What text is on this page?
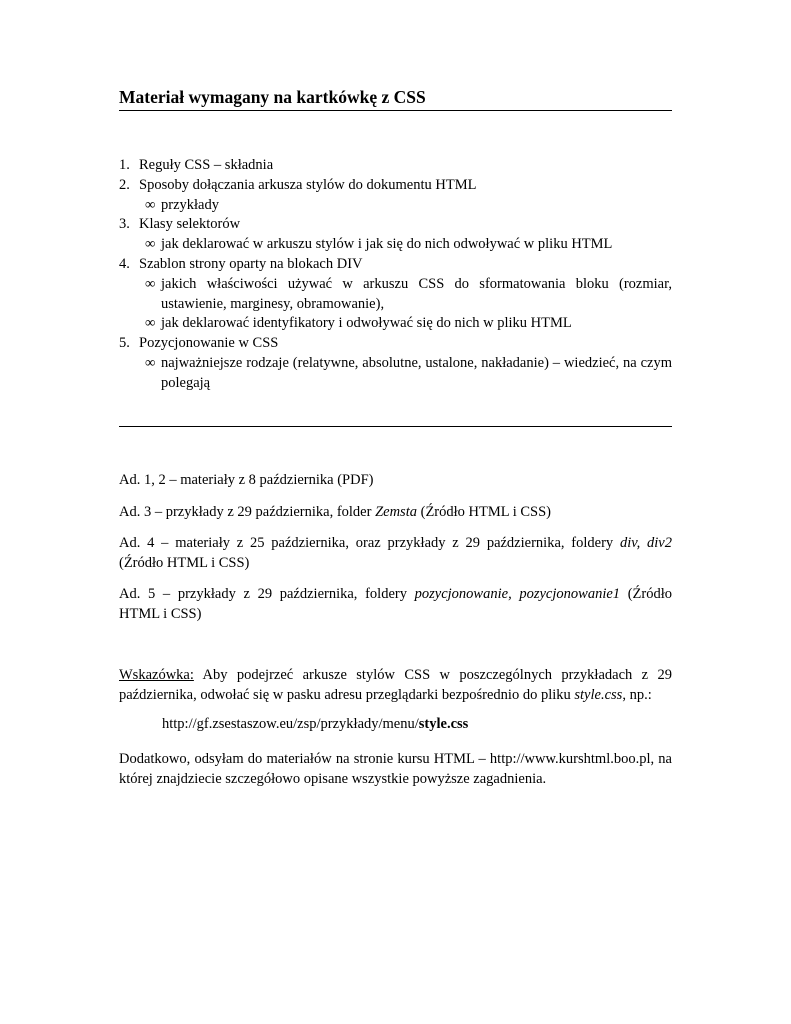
Materiał wymagany na kartkówkę z CSS
1. Reguły CSS – składnia
2. Sposoby dołączania arkusza stylów do dokumentu HTML
∞ przykłady
3. Klasy selektorów
∞ jak deklarować w arkuszu stylów i jak się do nich odwoływać w pliku HTML
4. Szablon strony oparty na blokach DIV
∞ jakich właściwości używać w arkuszu CSS do sformatowania bloku (rozmiar, ustawienie, marginesy, obramowanie),
∞ jak deklarować identyfikatory i odwoływać się do nich w pliku HTML
5. Pozycjonowanie w CSS
∞ najważniejsze rodzaje (relatywne, absolutne, ustalone, nakładanie) – wiedzieć, na czym polegają
Ad. 1, 2 – materiały z 8 października (PDF)
Ad. 3 – przykłady z 29 października, folder Zemsta (Źródło HTML i CSS)
Ad. 4 – materiały z 25 października, oraz przykłady z 29 października, foldery div, div2 (Źródło HTML i CSS)
Ad. 5 – przykłady z 29 października, foldery pozycjonowanie, pozycjonowanie1 (Źródło HTML i CSS)
Wskazówka: Aby podejrzeć arkusze stylów CSS w poszczególnych przykładach z 29 października, odwołać się w pasku adresu przeglądarki bezpośrednio do pliku style.css, np.:
http://gf.zsestaszow.eu/zsp/przykłady/menu/style.css
Dodatkowo, odsyłam do materiałów na stronie kursu HTML – http://www.kurshtml.boo.pl, na której znajdziecie szczegółowo opisane wszystkie powyższe zagadnienia.
